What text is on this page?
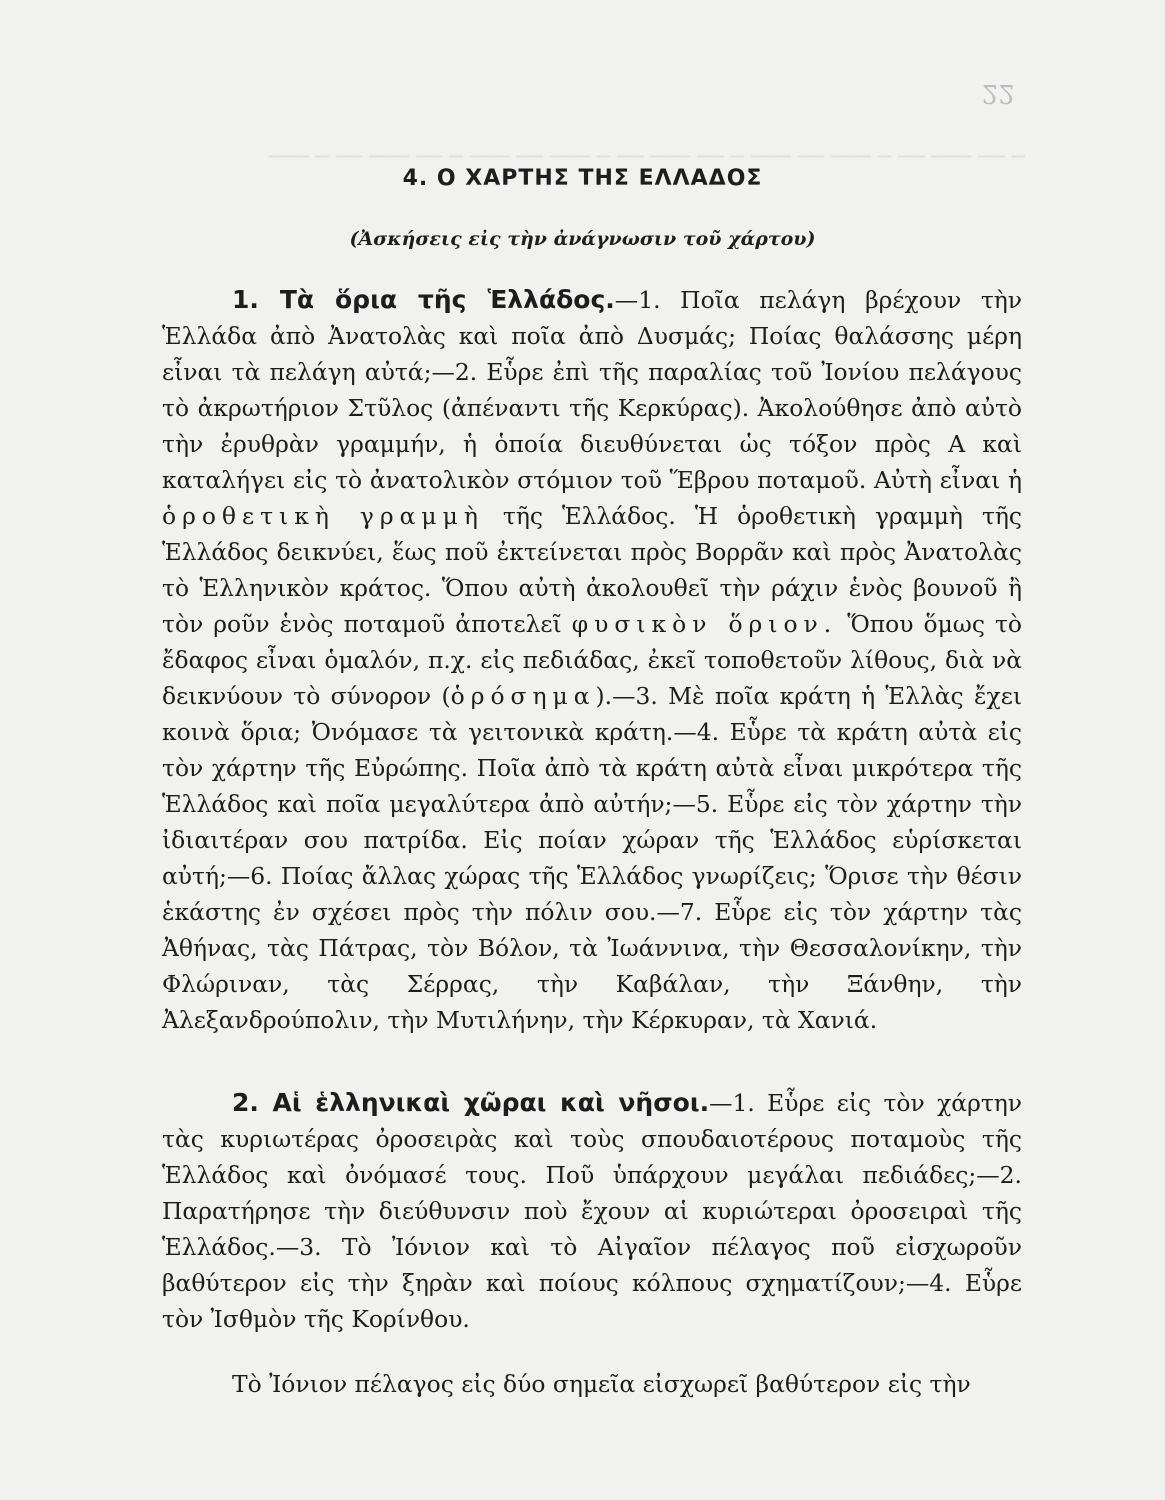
─ ── ─── ── ─ ─── ── ─── ─ ── ─── ── ─ ─── ── ─── ─ ── ─── ── ─ ───
22
4. Ο ΧΑΡΤΗΣ ΤΗΣ ΕΛΛΑΔΟΣ
(Ἀσκήσεις εἰς τὴν ἀνάγνωσιν τοῦ χάρτου)

1. Τὰ ὅρια τῆς Ἑλλάδος.—1. Ποῖα πελάγη βρέχουν τὴν Ἑλλάδα ἀπὸ Ἀνατολὰς καὶ ποῖα ἀπὸ Δυσμάς; Ποίας θαλάσσης μέρη εἶναι τὰ πελάγη αὐτά;—2. Εὗρε ἐπὶ τῆς παραλίας τοῦ Ἰονίου πελάγους τὸ ἀκρωτήριον Στῦλος (ἀπέναντι τῆς Κερκύρας). Ἀκολούθησε ἀπὸ αὐτὸ τὴν ἐρυθρὰν γραμμήν, ἡ ὁποία διευθύνεται ὡς τόξον πρὸς Α καὶ καταλήγει εἰς τὸ ἀνατολικὸν στόμιον τοῦ Ἕβρου ποταμοῦ. Αὐτὴ εἶναι ἡ ὁροθετικὴ γραμμὴ τῆς Ἑλλάδος. Ἡ ὁροθετικὴ γραμμὴ τῆς Ἑλλάδος δεικνύει, ἕως ποῦ ἐκτείνεται πρὸς Βορρᾶν καὶ πρὸς Ἀνατολὰς τὸ Ἑλληνικὸν κράτος. Ὅπου αὐτὴ ἀκολουθεῖ τὴν ράχιν ἑνὸς βουνοῦ ἢ τὸν ροῦν ἑνὸς ποταμοῦ ἀποτελεῖ φυσικὸν ὅριον. Ὅπου ὅμως τὸ ἔδαφος εἶναι ὁμαλόν, π.χ. εἰς πεδιάδας, ἐκεῖ τοποθετοῦν λίθους, διὰ νὰ δεικνύουν τὸ σύνορον (ὁρόσημα).—3. Μὲ ποῖα κράτη ἡ Ἑλλὰς ἔχει κοινὰ ὅρια; Ὀνόμασε τὰ γειτονικὰ κράτη.—4. Εὗρε τὰ κράτη αὐτὰ εἰς τὸν χάρτην τῆς Εὐρώπης. Ποῖα ἀπὸ τὰ κράτη αὐτὰ εἶναι μικρότερα τῆς Ἑλλάδος καὶ ποῖα μεγαλύτερα ἀπὸ αὐτήν;—5. Εὗρε εἰς τὸν χάρτην τὴν ἰδιαιτέραν σου πατρίδα. Εἰς ποίαν χώραν τῆς Ἑλλάδος εὑρίσκεται αὐτή;—6. Ποίας ἄλλας χώρας τῆς Ἑλλάδος γνωρίζεις; Ὅρισε τὴν θέσιν ἑκάστης ἐν σχέσει πρὸς τὴν πόλιν σου.—7. Εὗρε εἰς τὸν χάρτην τὰς Ἀθήνας, τὰς Πάτρας, τὸν Βόλον, τὰ Ἰωάννινα, τὴν Θεσσαλονίκην, τὴν Φλώριναν, τὰς Σέρρας, τὴν Καβάλαν, τὴν Ξάνθην, τὴν Ἀλεξανδρούπολιν, τὴν Μυτιλήνην, τὴν Κέρκυραν, τὰ Χανιά.

2. Αἱ ἑλληνικαὶ χῶραι καὶ νῆσοι.—1. Εὗρε εἰς τὸν χάρτην τὰς κυριωτέρας ὀροσειρὰς καὶ τοὺς σπουδαιοτέρους ποταμοὺς τῆς Ἑλλάδος καὶ ὀνόμασέ τους. Ποῦ ὑπάρχουν μεγάλαι πεδιάδες;—2. Παρατήρησε τὴν διεύθυνσιν ποὺ ἔχουν αἱ κυριώτεραι ὀροσειραὶ τῆς Ἑλλάδος.—3. Τὸ Ἰόνιον καὶ τὸ Αἰγαῖον πέλαγος ποῦ εἰσχωροῦν βαθύτερον εἰς τὴν ξηρὰν καὶ ποίους κόλπους σχηματίζουν;—4. Εὗρε τὸν Ἰσθμὸν τῆς Κορίνθου.

Τὸ Ἰόνιον πέλαγος εἰς δύο σημεῖα εἰσχωρεῖ βαθύτερον εἰς τὴν
